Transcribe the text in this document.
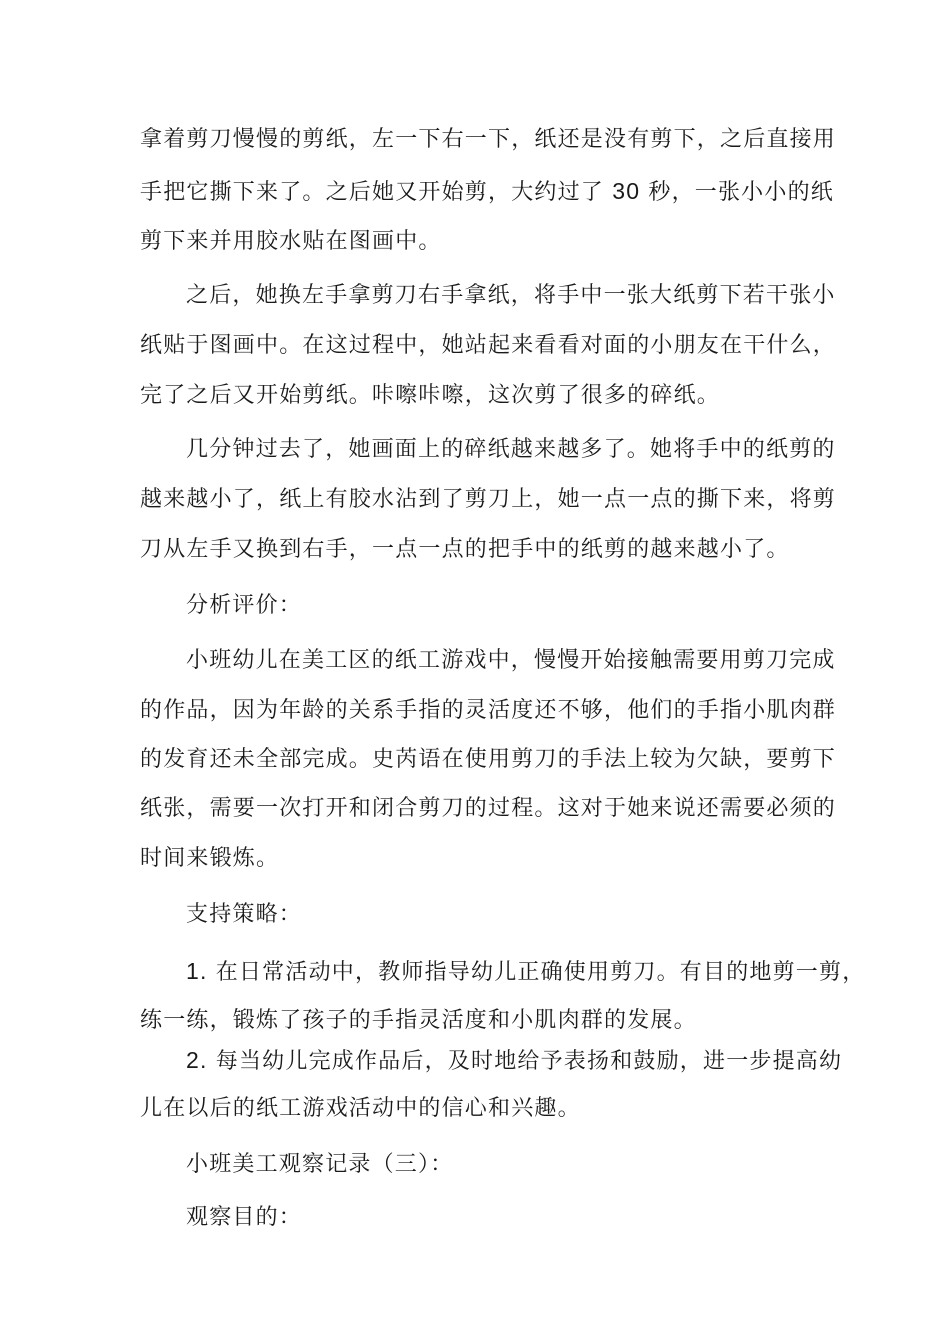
拿着剪刀慢慢的剪纸，左一下右一下，纸还是没有剪下，之后直接用
手把它撕下来了。之后她又开始剪，大约过了 30 秒，一张小小的纸
剪下来并用胶水贴在图画中。
之后，她换左手拿剪刀右手拿纸，将手中一张大纸剪下若干张小
纸贴于图画中。在这过程中，她站起来看看对面的小朋友在干什么，
完了之后又开始剪纸。咔嚓咔嚓，这次剪了很多的碎纸。
几分钟过去了，她画面上的碎纸越来越多了。她将手中的纸剪的
越来越小了，纸上有胶水沾到了剪刀上，她一点一点的撕下来，将剪
刀从左手又换到右手，一点一点的把手中的纸剪的越来越小了。
分析评价：
小班幼儿在美工区的纸工游戏中，慢慢开始接触需要用剪刀完成
的作品，因为年龄的关系手指的灵活度还不够，他们的手指小肌肉群
的发育还未全部完成。史芮语在使用剪刀的手法上较为欠缺，要剪下
纸张，需要一次打开和闭合剪刀的过程。这对于她来说还需要必须的
时间来锻炼。
支持策略：
1. 在日常活动中，教师指导幼儿正确使用剪刀。有目的地剪一剪，
练一练，锻炼了孩子的手指灵活度和小肌肉群的发展。
2. 每当幼儿完成作品后，及时地给予表扬和鼓励，进一步提高幼
儿在以后的纸工游戏活动中的信心和兴趣。
小班美工观察记录（三）：
观察目的：
